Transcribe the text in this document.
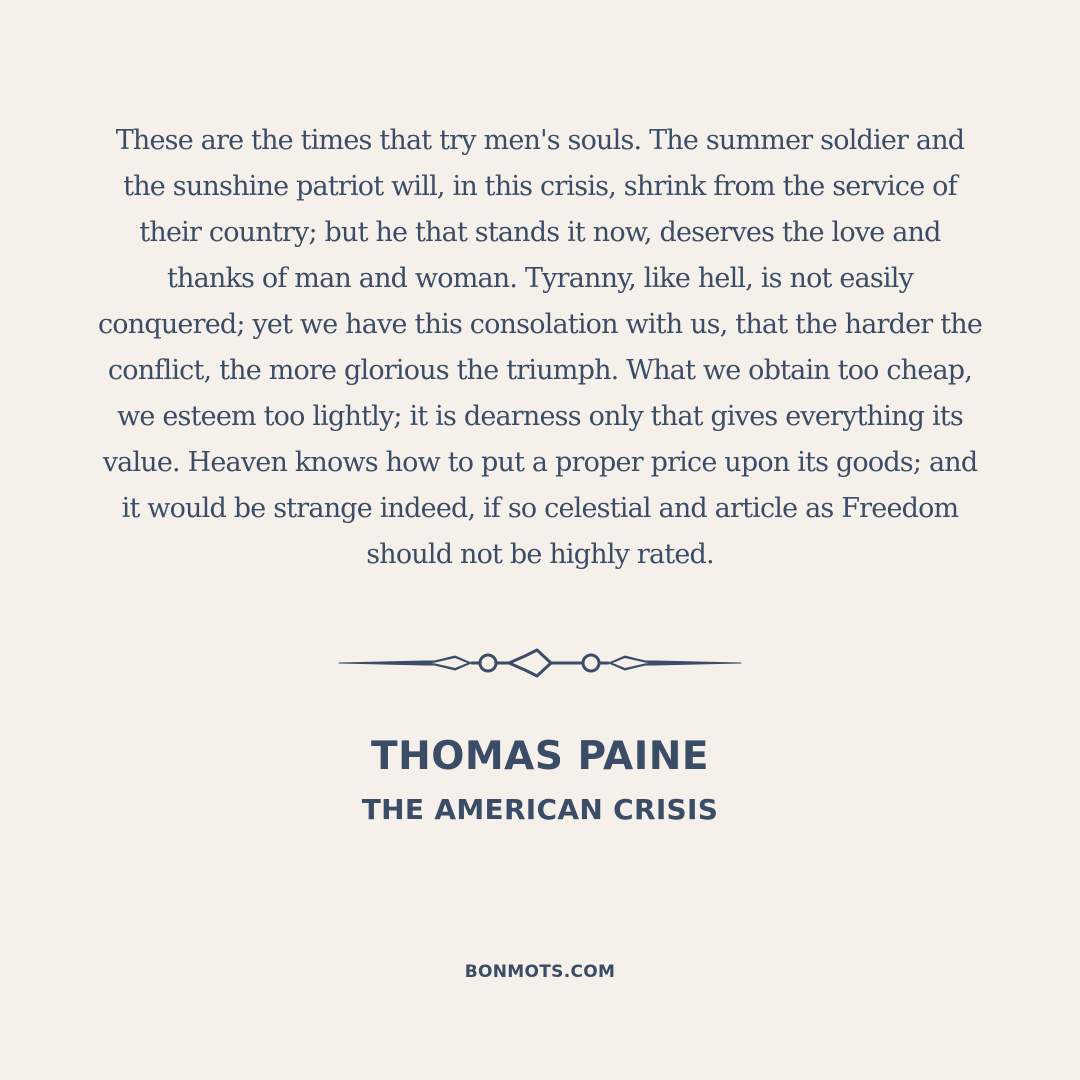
These are the times that try men's souls. The summer soldier and the sunshine patriot will, in this crisis, shrink from the service of their country; but he that stands it now, deserves the love and thanks of man and woman. Tyranny, like hell, is not easily conquered; yet we have this consolation with us, that the harder the conflict, the more glorious the triumph. What we obtain too cheap, we esteem too lightly; it is dearness only that gives everything its value. Heaven knows how to put a proper price upon its goods; and it would be strange indeed, if so celestial and article as Freedom should not be highly rated.

THOMAS PAINE

THE AMERICAN CRISIS

BONMOTS.COM
